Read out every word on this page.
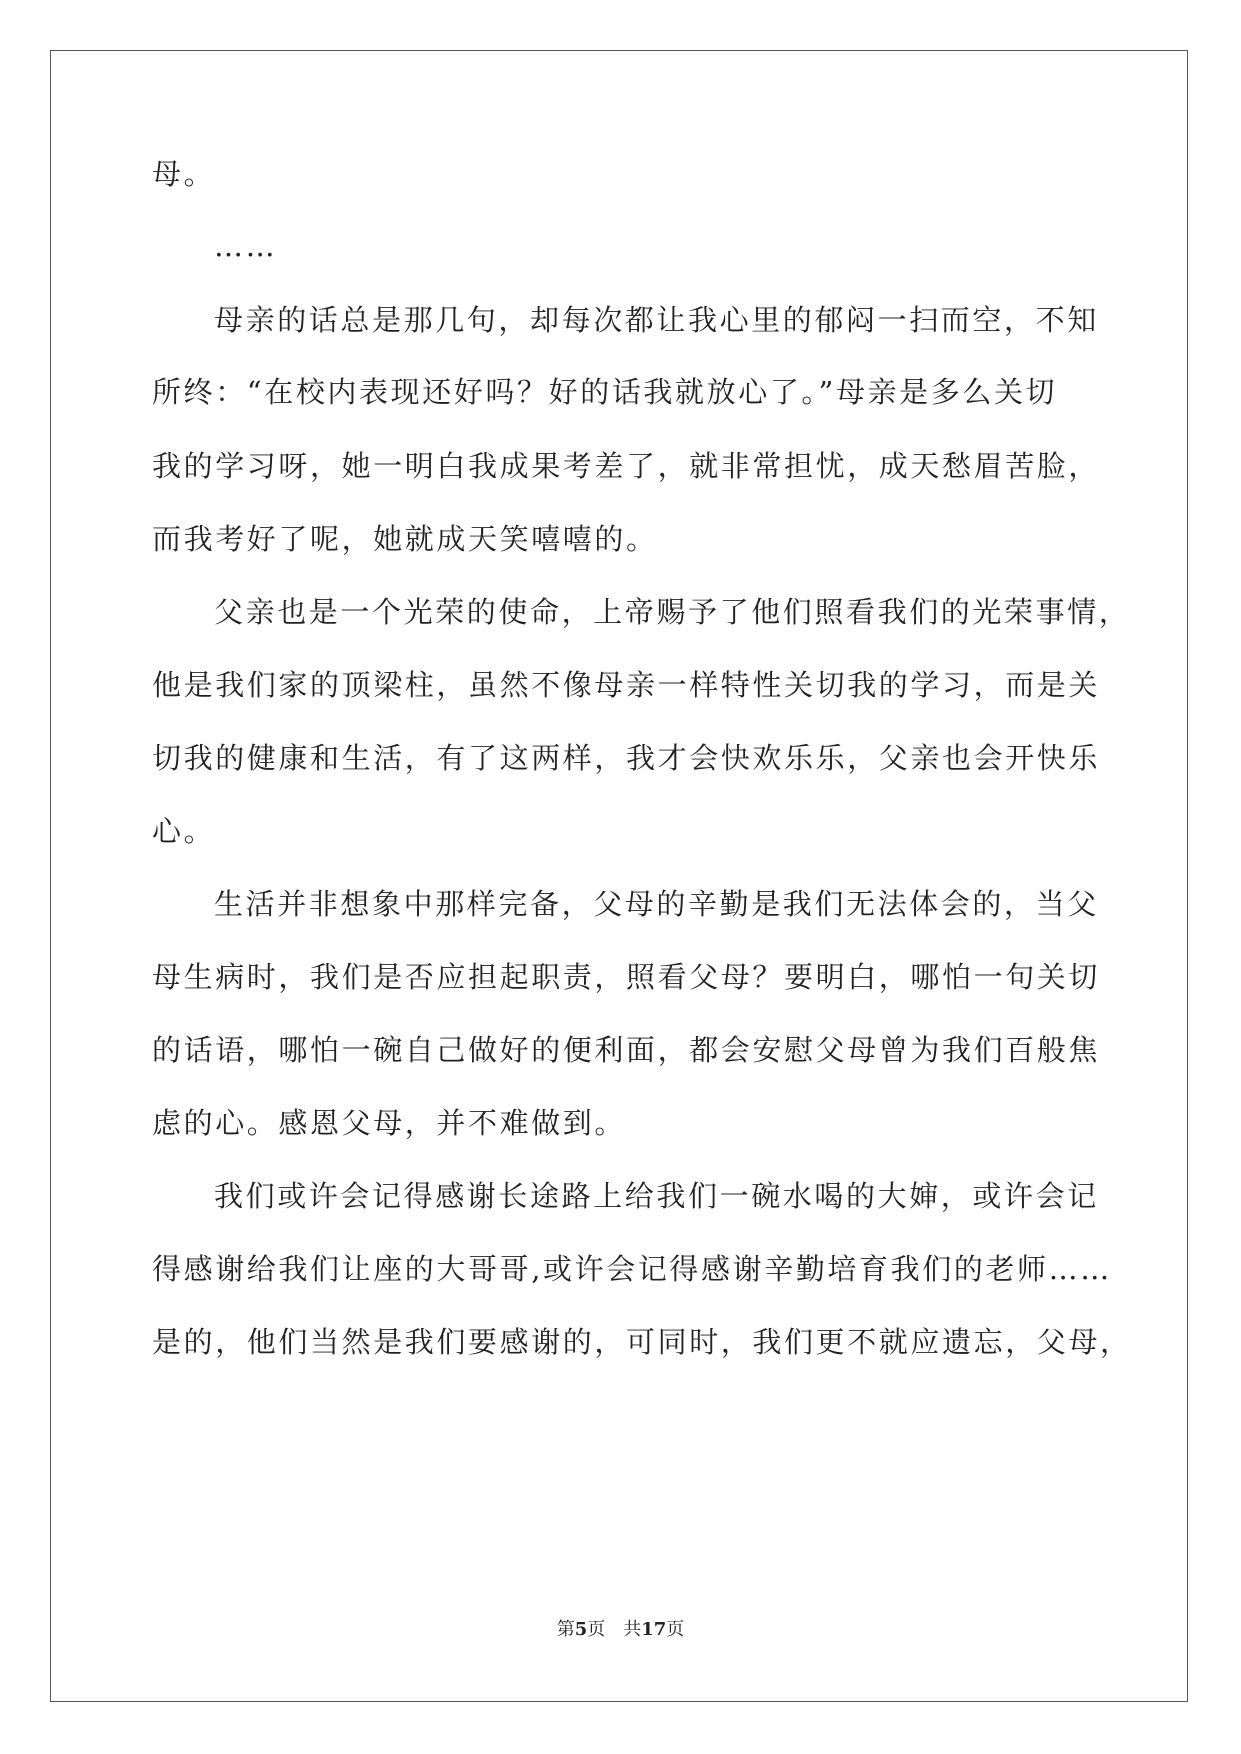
母。
……
母亲的话总是那几句，却每次都让我心里的郁闷一扫而空，不知
所终：“在校内表现还好吗？好的话我就放心了。”母亲是多么关切
我的学习呀，她一明白我成果考差了，就非常担忧，成天愁眉苦脸，
而我考好了呢，她就成天笑嘻嘻的。
父亲也是一个光荣的使命，上帝赐予了他们照看我们的光荣事情，
他是我们家的顶梁柱，虽然不像母亲一样特性关切我的学习，而是关
切我的健康和生活，有了这两样，我才会快欢乐乐，父亲也会开快乐
心。
生活并非想象中那样完备，父母的辛勤是我们无法体会的，当父
母生病时，我们是否应担起职责，照看父母？要明白，哪怕一句关切
的话语，哪怕一碗自己做好的便利面，都会安慰父母曾为我们百般焦
虑的心。感恩父母，并不难做到。
我们或许会记得感谢长途路上给我们一碗水喝的大婶，或许会记
得感谢给我们让座的大哥哥,或许会记得感谢辛勤培育我们的老师……
是的，他们当然是我们要感谢的，可同时，我们更不就应遗忘，父母，
第5页 共17页
